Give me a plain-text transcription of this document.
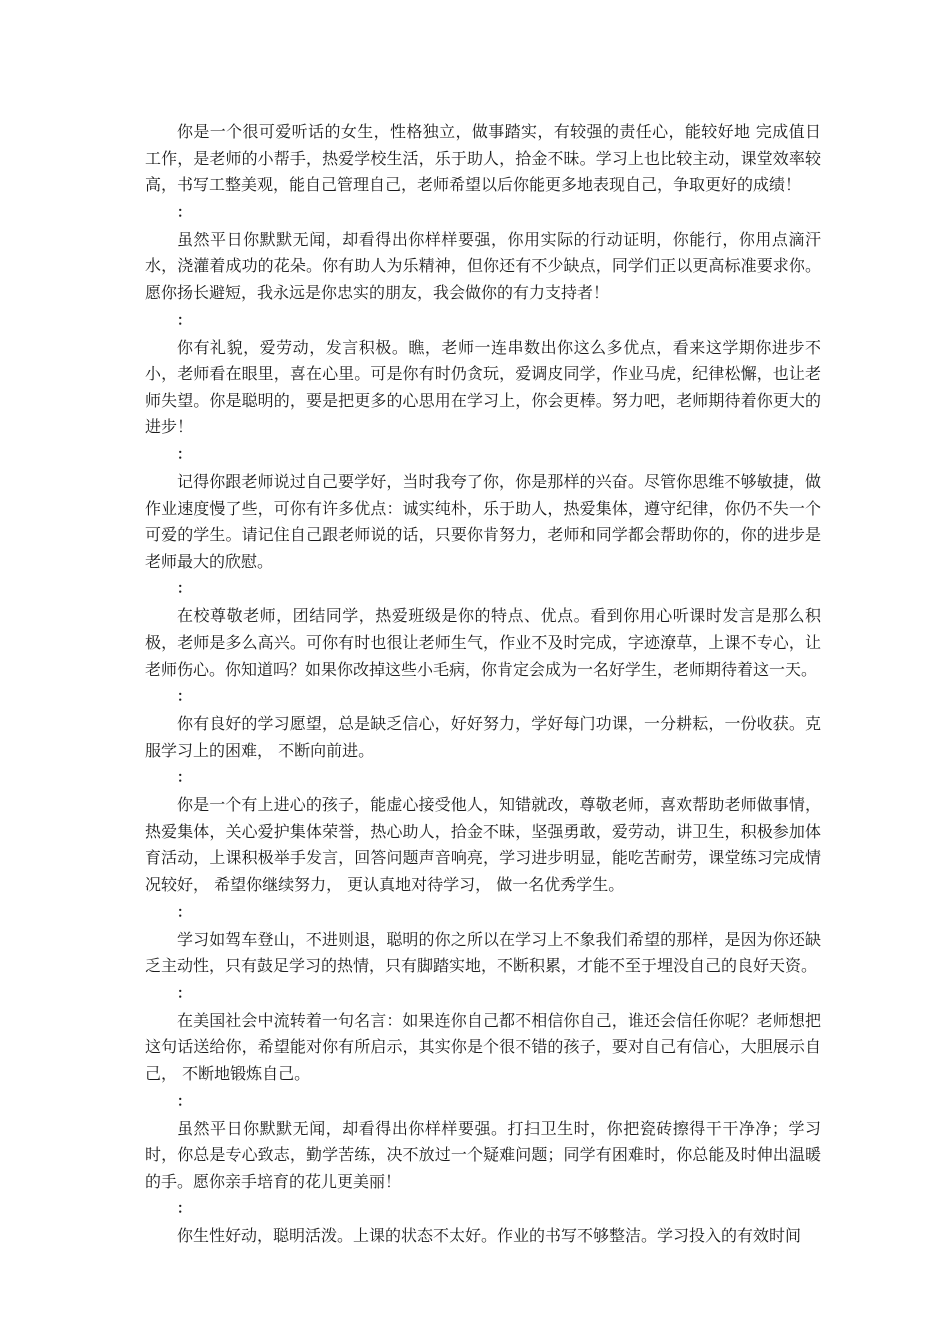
你是一个很可爱听话的女生，性格独立，做事踏实，有较强的责任心，能较好地 完成值日工作，是老师的小帮手，热爱学校生活，乐于助人，拾金不昧。学习上也比较主动，课堂效率较高，书写工整美观，能自己管理自己，老师希望以后你能更多地表现自己，争取更好的成绩！

：

虽然平日你默默无闻，却看得出你样样要强，你用实际的行动证明，你能行，你用点滴汗水，浇灌着成功的花朵。你有助人为乐精神，但你还有不少缺点，同学们正以更高标准要求你。 愿你扬长避短，我永远是你忠实的朋友，我会做你的有力支持者！

：

你有礼貌，爱劳动，发言积极。瞧，老师一连串数出你这么多优点，看来这学期你进步不小，老师看在眼里，喜在心里。可是你有时仍贪玩，爱调皮同学，作业马虎，纪律松懈，也让老师失望。你是聪明的，要是把更多的心思用在学习上，你会更棒。努力吧，老师期待着你更大的进步！

：

记得你跟老师说过自己要学好，当时我夸了你，你是那样的兴奋。尽管你思维不够敏捷，做作业速度慢了些，可你有许多优点：诚实纯朴，乐于助人，热爱集体，遵守纪律，你仍不失一个可爱的学生。请记住自己跟老师说的话，只要你肯努力，老师和同学都会帮助你的，你的进步是老师最大的欣慰。

：

在校尊敬老师，团结同学，热爱班级是你的特点、优点。看到你用心听课时发言是那么积极，老师是多么高兴。可你有时也很让老师生气，作业不及时完成，字迹潦草，上课不专心，让老师伤心。你知道吗？如果你改掉这些小毛病，你肯定会成为一名好学生，老师期待着这一天。

：

你有良好的学习愿望，总是缺乏信心，好好努力，学好每门功课，一分耕耘，一份收获。克服学习上的困难， 不断向前进。

：

你是一个有上进心的孩子，能虚心接受他人，知错就改，尊敬老师，喜欢帮助老师做事情，热爱集体，关心爱护集体荣誉，热心助人，拾金不昧，坚强勇敢，爱劳动，讲卫生，积极参加体育活动，上课积极举手发言，回答问题声音响亮，学习进步明显，能吃苦耐劳，课堂练习完成情况较好， 希望你继续努力， 更认真地对待学习， 做一名优秀学生。

：

学习如驾车登山，不进则退，聪明的你之所以在学习上不象我们希望的那样，是因为你还缺乏主动性，只有鼓足学习的热情，只有脚踏实地，不断积累，才能不至于埋没自己的良好天资。

：

在美国社会中流转着一句名言：如果连你自己都不相信你自己，谁还会信任你呢？老师想把这句话送给你，希望能对你有所启示，其实你是个很不错的孩子，要对自己有信心，大胆展示自己， 不断地锻炼自己。

：

虽然平日你默默无闻，却看得出你样样要强。打扫卫生时，你把瓷砖擦得干干净净；学习时，你总是专心致志，勤学苦练，决不放过一个疑难问题；同学有困难时，你总能及时伸出温暖的手。愿你亲手培育的花儿更美丽！

：

你生性好动，聪明活泼。上课的状态不太好。作业的书写不够整洁。学习投入的有效时间
